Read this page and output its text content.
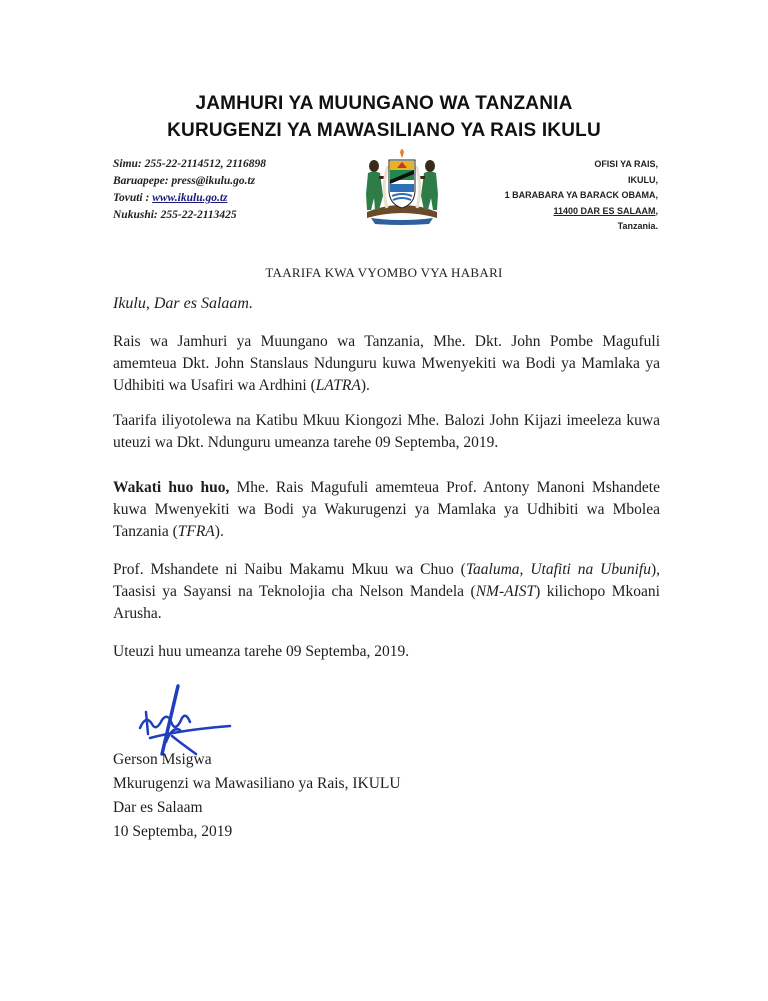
JAMHURI YA MUUNGANO WA TANZANIA
KURUGENZI YA MAWASILIANO YA RAIS IKULU
Simu: 255-22-2114512, 2116898
Baruapepe: press@ikulu.go.tz
Tovuti : www.ikulu.go.tz
Nukushi: 255-22-2113425
OFISI YA RAIS,
IKULU,
1 BARABARA YA BARACK OBAMA,
11400 DAR ES SALAAM,
Tanzania.
TAARIFA KWA VYOMBO VYA HABARI
Ikulu, Dar es Salaam.
Rais wa Jamhuri ya Muungano wa Tanzania, Mhe. Dkt. John Pombe Magufuli amemteua Dkt. John Stanslaus Ndunguru kuwa Mwenyekiti wa Bodi ya Mamlaka ya Udhibiti wa Usafiri wa Ardhini (LATRA).
Taarifa iliyotolewa na Katibu Mkuu Kiongozi Mhe. Balozi John Kijazi imeeleza kuwa uteuzi wa Dkt. Ndunguru umeanza tarehe 09 Septemba, 2019.
Wakati huo huo, Mhe. Rais Magufuli amemteua Prof. Antony Manoni Mshandete kuwa Mwenyekiti wa Bodi ya Wakurugenzi ya Mamlaka ya Udhibiti wa Mbolea Tanzania (TFRA).
Prof. Mshandete ni Naibu Makamu Mkuu wa Chuo (Taaluma, Utafiti na Ubunifu), Taasisi ya Sayansi na Teknolojia cha Nelson Mandela (NM-AIST) kilichopo Mkoani Arusha.
Uteuzi huu umeanza tarehe 09 Septemba, 2019.
Gerson Msigwa
Mkurugenzi wa Mawasiliano ya Rais, IKULU
Dar es Salaam
10 Septemba, 2019
